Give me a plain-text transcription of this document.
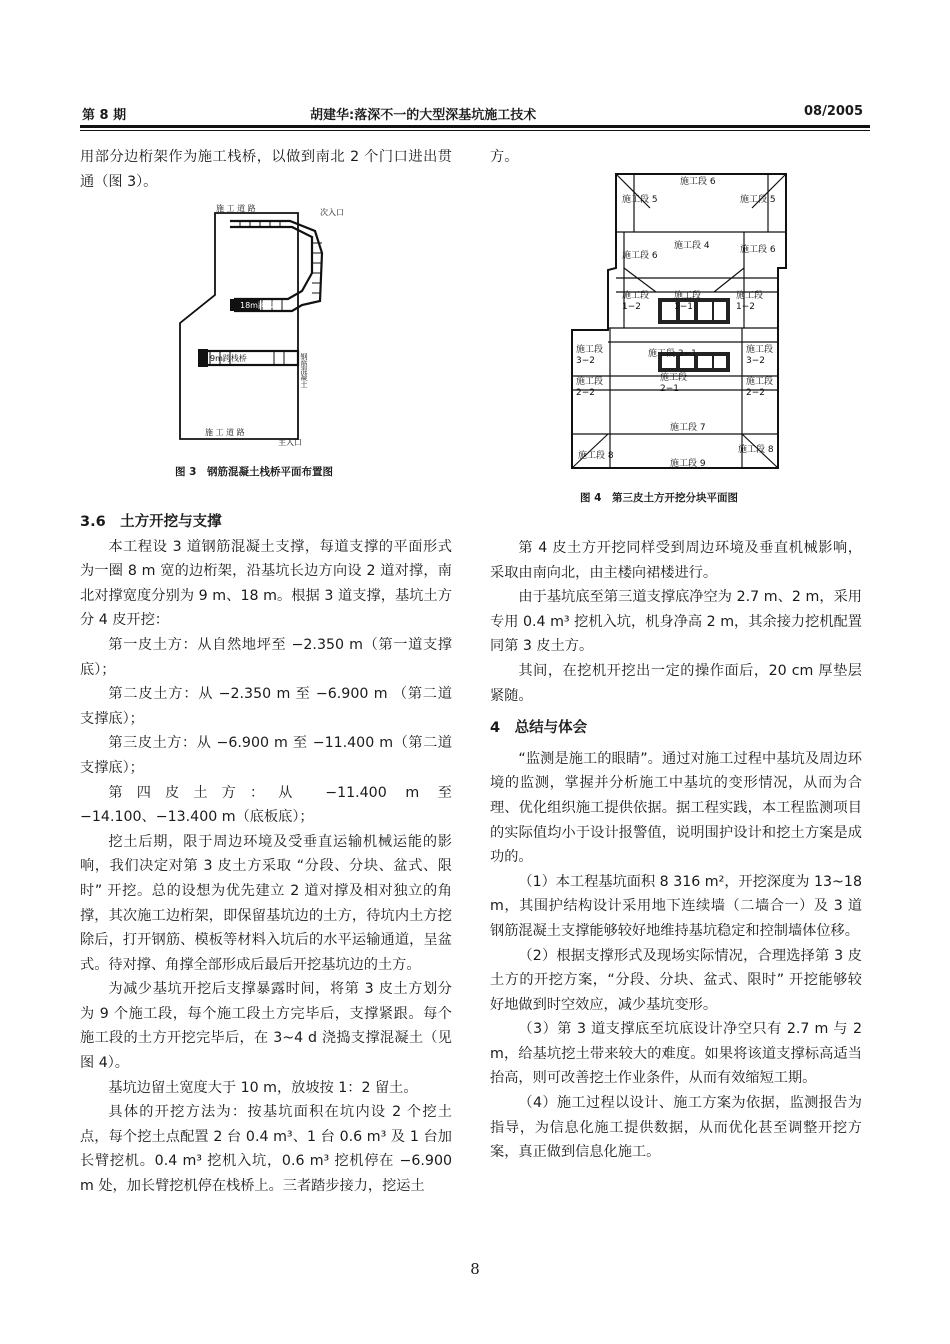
第 8 期	胡建华:落深不一的大型深基坑施工技术	08/2005

用部分边桁架作为施工栈桥，以做到南北 2 个门口进出贯通（图 3）。

施 工 道 路	次入口
18m跨栈桥
9m跨栈桥
施 工 道 路
主入口
钢筋混凝土
图 3　钢筋混凝土栈桥平面布置图

3.6　土方开挖与支撑

本工程设 3 道钢筋混凝土支撑，每道支撑的平面形式为一圈 8 m 宽的边桁架，沿基坑长边方向设 2 道对撑，南北对撑宽度分别为 9 m、18 m。根据 3 道支撑，基坑土方分 4 皮开挖：

第一皮土方：从自然地坪至 −2.350 m（第一道支撑底）；

第二皮土方：从 −2.350 m 至 −6.900 m （第二道支撑底）；

第三皮土方：从 −6.900 m 至 −11.400 m（第二道支撑底）；

第四皮土方：从 −11.400 m 至 −14.100、−13.400 m（底板底）；

挖土后期，限于周边环境及受垂直运输机械运能的影响，我们决定对第 3 皮土方采取 “分段、分块、盆式、限时” 开挖。总的设想为优先建立 2 道对撑及相对独立的角撑，其次施工边桁架，即保留基坑边的土方，待坑内土方挖除后，打开钢筋、模板等材料入坑后的水平运输通道，呈盆式。待对撑、角撑全部形成后最后开挖基坑边的土方。

为减少基坑开挖后支撑暴露时间，将第 3 皮土方划分为 9 个施工段，每个施工段土方完毕后，支撑紧跟。每个施工段的土方开挖完毕后，在 3~4 d 浇捣支撑混凝土（见图 4）。

基坑边留土宽度大于 10 m，放坡按 1：2 留土。

具体的开挖方法为：按基坑面积在坑内设 2 个挖土点，每个挖土点配置 2 台 0.4 m³、1 台 0.6 m³ 及 1 台加长臂挖机。0.4 m³ 挖机入坑，0.6 m³ 挖机停在 −6.900 m 处，加长臂挖机停在栈桥上。三者踏步接力，挖运土

方。

施工段 6
施工段 5	施工段 5
施工段 4
施工段 6
施工段 6
施工段 1−2
施工段 1−1
施工段 1−2
施工段 3−2
施工段 3−1	施工段 3−2
施工段 2−2
施工段 2−1
施工段 2−2
施工段 7
施工段 8
施工段 8
施工段 9
图 4　第三皮土方开挖分块平面图

第 4 皮土方开挖同样受到周边环境及垂直机械影响，采取由南向北，由主楼向裙楼进行。

由于基坑底至第三道支撑底净空为 2.7 m、2 m，采用专用 0.4 m³ 挖机入坑，机身净高 2 m，其余接力挖机配置同第 3 皮土方。

其间，在挖机开挖出一定的操作面后，20 cm 厚垫层紧随。

4　总结与体会

“监测是施工的眼睛”。通过对施工过程中基坑及周边环境的监测，掌握并分析施工中基坑的变形情况，从而为合理、优化组织施工提供依据。据工程实践，本工程监测项目的实际值均小于设计报警值，说明围护设计和挖土方案是成功的。

（1）本工程基坑面积 8 316 m²，开挖深度为 13~18 m，其围护结构设计采用地下连续墙（二墙合一）及 3 道钢筋混凝土支撑能够较好地维持基坑稳定和控制墙体位移。

（2）根据支撑形式及现场实际情况，合理选择第 3 皮土方的开挖方案，“分段、分块、盆式、限时” 开挖能够较好地做到时空效应，减少基坑变形。

（3）第 3 道支撑底至坑底设计净空只有 2.7 m 与 2 m，给基坑挖土带来较大的难度。如果将该道支撑标高适当抬高，则可改善挖土作业条件，从而有效缩短工期。

（4）施工过程以设计、施工方案为依据，监测报告为指导，为信息化施工提供数据，从而优化甚至调整开挖方案，真正做到信息化施工。

8
